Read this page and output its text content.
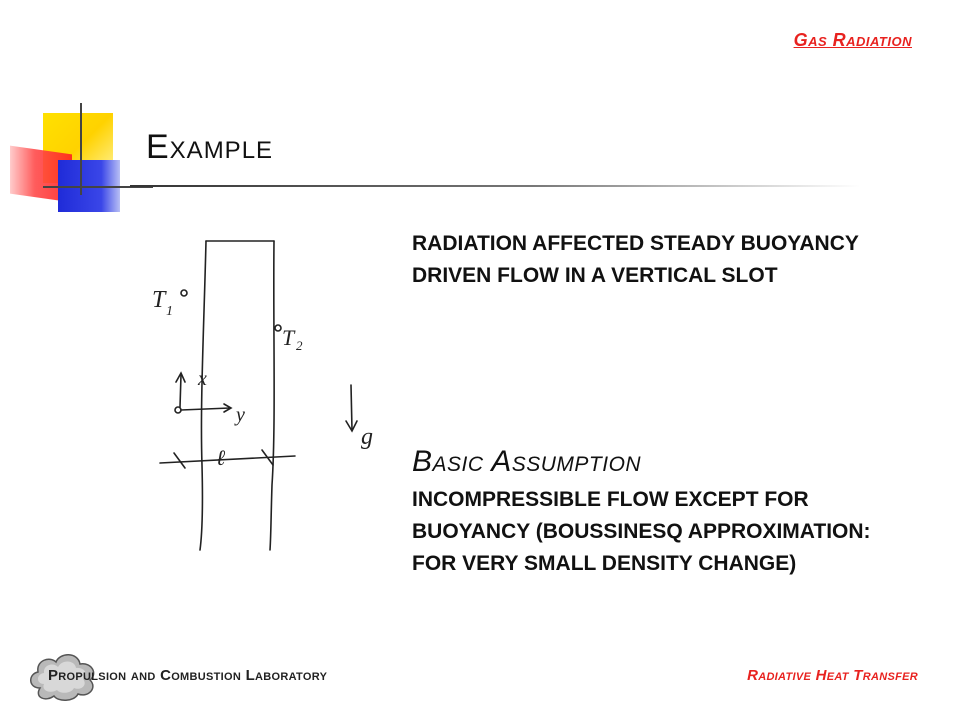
Gas Radiation
Example
T 1
T 2
x
y
ℓ
g
RADIATION AFFECTED STEADY BUOYANCY DRIVEN FLOW IN A VERTICAL SLOT
Basic Assumption
INCOMPRESSIBLE FLOW EXCEPT FOR BUOYANCY (BOUSSINESQ APPROXIMATION: FOR VERY SMALL DENSITY CHANGE)
Propulsion and Combustion Laboratory	Radiative Heat Transfer
